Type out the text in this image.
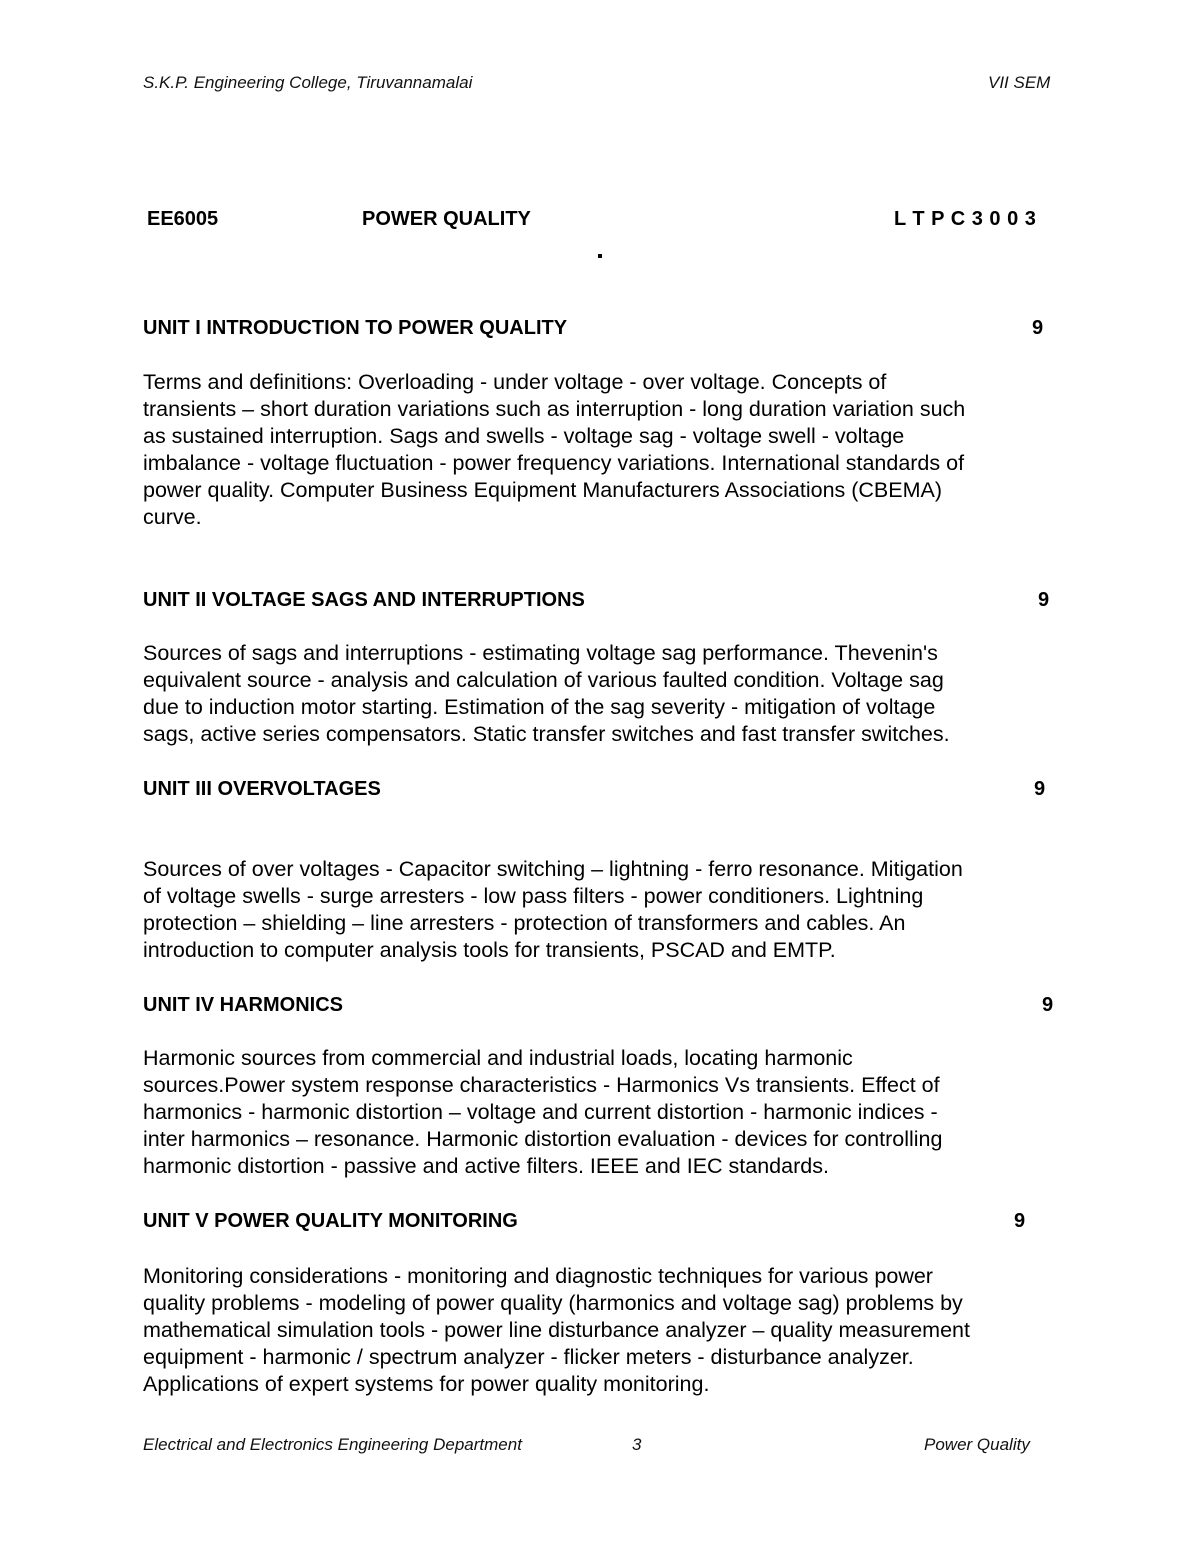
S.K.P. Engineering College, Tiruvannamalai	VII SEM
EE6005	POWER QUALITY	L T P C 3 0 0 3
UNIT I INTRODUCTION TO POWER QUALITY	9
Terms and definitions: Overloading - under voltage - over voltage. Concepts of
transients – short duration variations such as interruption - long duration variation such
as sustained interruption. Sags and swells - voltage sag - voltage swell - voltage
imbalance - voltage fluctuation - power frequency variations. International standards of
power quality. Computer Business Equipment Manufacturers Associations (CBEMA)
curve.
UNIT II VOLTAGE SAGS AND INTERRUPTIONS	9
Sources of sags and interruptions - estimating voltage sag performance. Thevenin's
equivalent source - analysis and calculation of various faulted condition. Voltage sag
due to induction motor starting. Estimation of the sag severity - mitigation of voltage
sags, active series compensators. Static transfer switches and fast transfer switches.
UNIT III OVERVOLTAGES	9
Sources of over voltages - Capacitor switching – lightning - ferro resonance. Mitigation
of voltage swells - surge arresters - low pass filters - power conditioners. Lightning
protection – shielding – line arresters - protection of transformers and cables. An
introduction to computer analysis tools for transients, PSCAD and EMTP.
UNIT IV HARMONICS	9
Harmonic sources from commercial and industrial loads, locating harmonic
sources.Power system response characteristics - Harmonics Vs transients. Effect of
harmonics - harmonic distortion – voltage and current distortion - harmonic indices -
inter harmonics – resonance. Harmonic distortion evaluation - devices for controlling
harmonic distortion - passive and active filters. IEEE and IEC standards.
UNIT V POWER QUALITY MONITORING	9
Monitoring considerations - monitoring and diagnostic techniques for various power
quality problems - modeling of power quality (harmonics and voltage sag) problems by
mathematical simulation tools - power line disturbance analyzer – quality measurement
equipment - harmonic / spectrum analyzer - flicker meters - disturbance analyzer.
Applications of expert systems for power quality monitoring.
Electrical and Electronics Engineering Department	3	Power Quality
